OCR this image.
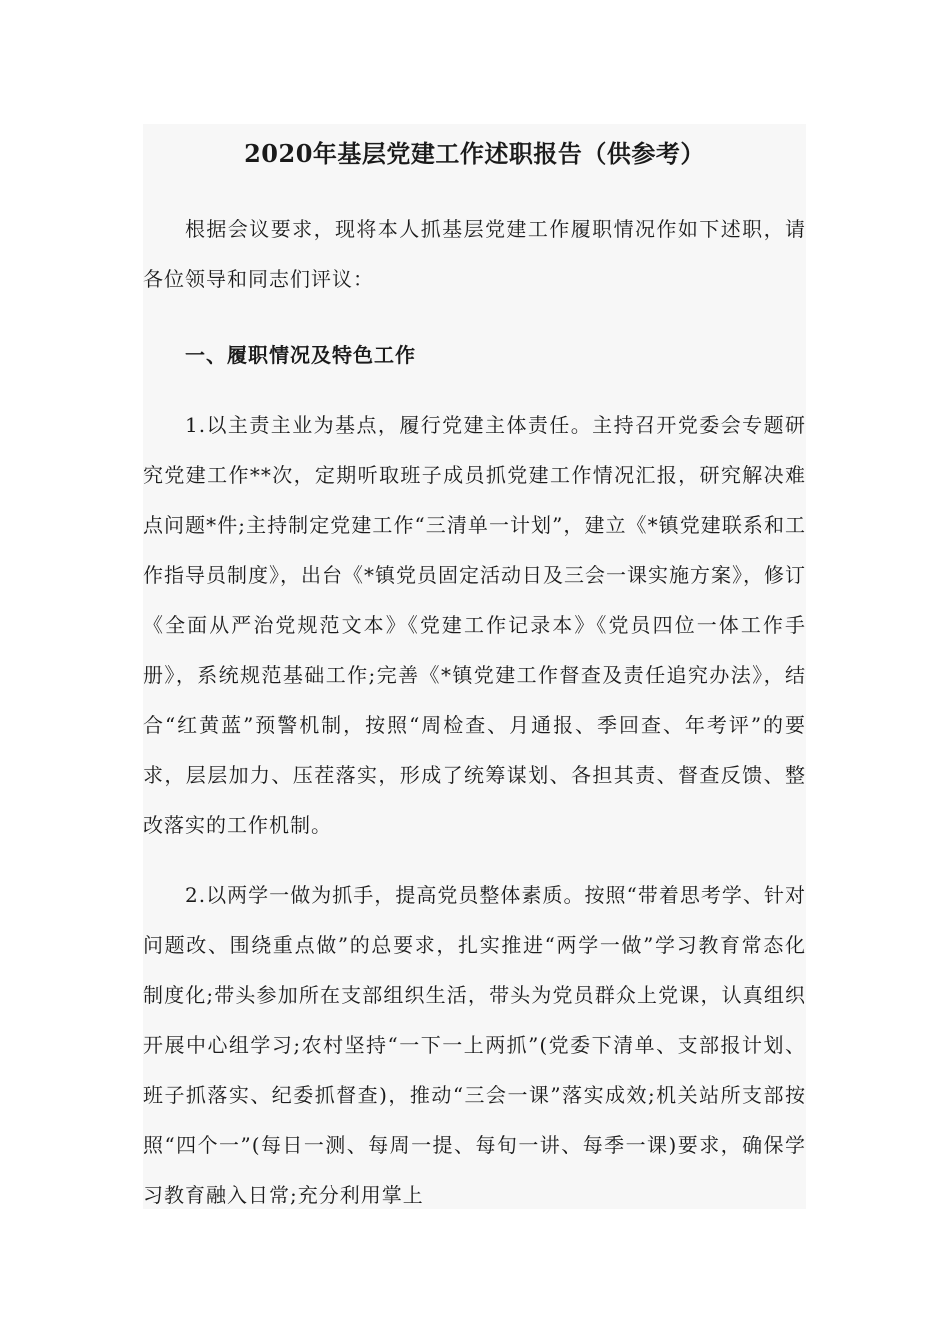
2020年基层党建工作述职报告（供参考）

根据会议要求，现将本人抓基层党建工作履职情况作如下述职，请各位领导和同志们评议：

一、履职情况及特色工作

1.以主责主业为基点，履行党建主体责任。主持召开党委会专题研究党建工作**次，定期听取班子成员抓党建工作情况汇报，研究解决难点问题*件;主持制定党建工作“三清单一计划”，建立《*镇党建联系和工作指导员制度》，出台《*镇党员固定活动日及三会一课实施方案》，修订《全面从严治党规范文本》《党建工作记录本》《党员四位一体工作手册》，系统规范基础工作;完善《*镇党建工作督查及责任追究办法》，结合“红黄蓝”预警机制，按照“周检查、月通报、季回查、年考评”的要求，层层加力、压茬落实，形成了统筹谋划、各担其责、督查反馈、整改落实的工作机制。

2.以两学一做为抓手，提高党员整体素质。按照“带着思考学、针对问题改、围绕重点做”的总要求，扎实推进“两学一做”学习教育常态化制度化;带头参加所在支部组织生活，带头为党员群众上党课，认真组织开展中心组学习;农村坚持“一下一上两抓”(党委下清单、支部报计划、班子抓落实、纪委抓督查)，推动“三会一课”落实成效;机关站所支部按照“四个一”(每日一测、每周一提、每旬一讲、每季一课)要求，确保学习教育融入日常;充分利用掌上
